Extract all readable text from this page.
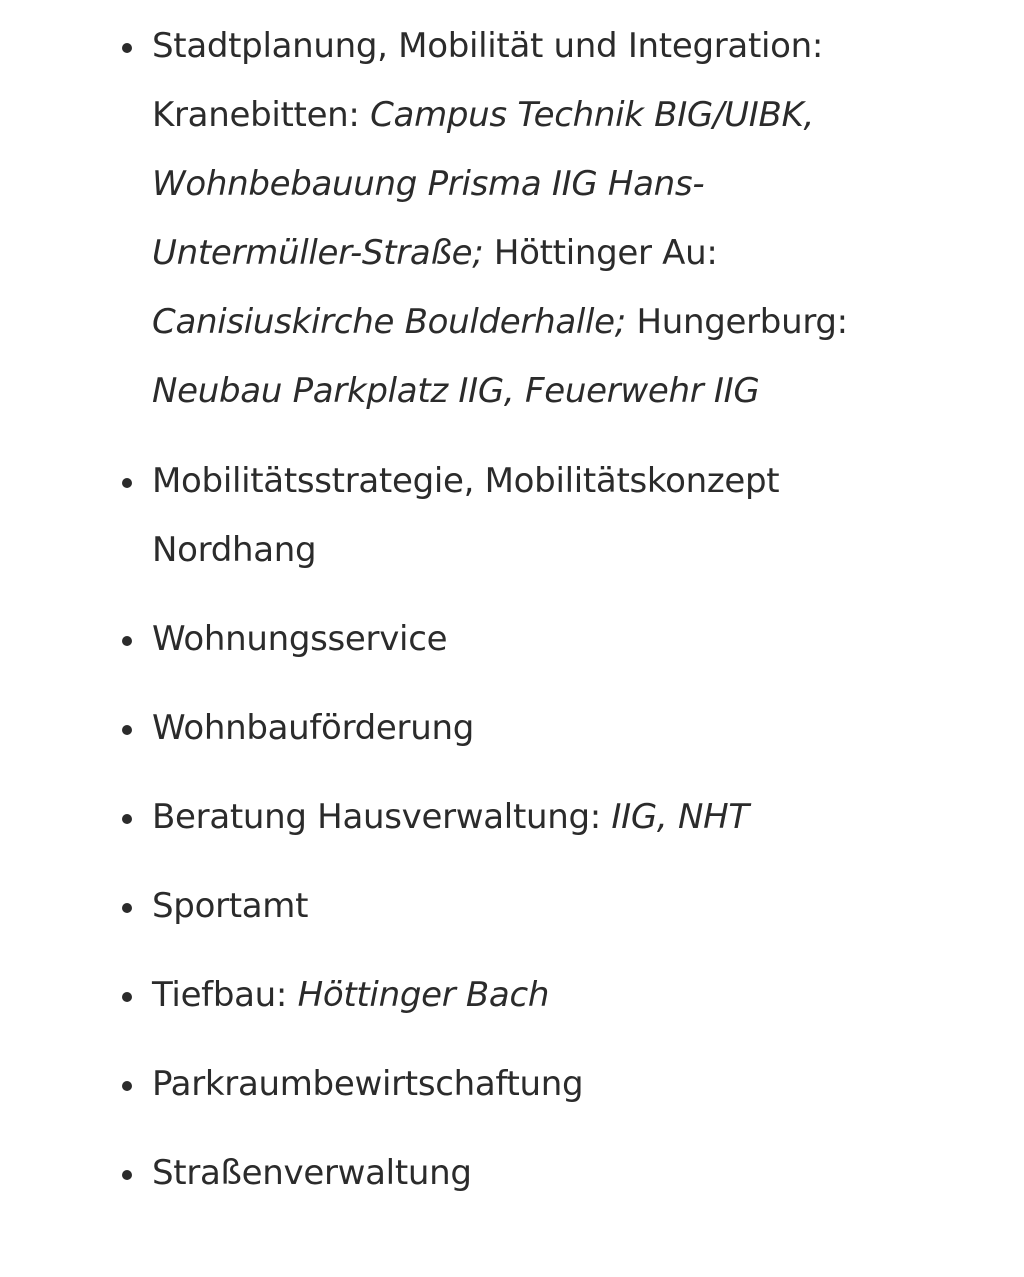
Stadtplanung, Mobilität und Integration: Kranebitten: Campus Technik BIG/UIBK, Wohnbebauung Prisma IIG Hans-Untermüller-Straße; Höttinger Au: Canisiuskirche Boulderhalle; Hungerburg: Neubau Parkplatz IIG, Feuerwehr IIG
Mobilitätsstrategie, Mobilitätskonzept Nordhang
Wohnungsservice
Wohnbauförderung
Beratung Hausverwaltung: IIG, NHT
Sportamt
Tiefbau: Höttinger Bach
Parkraumbewirtschaftung
Straßenverwaltung
